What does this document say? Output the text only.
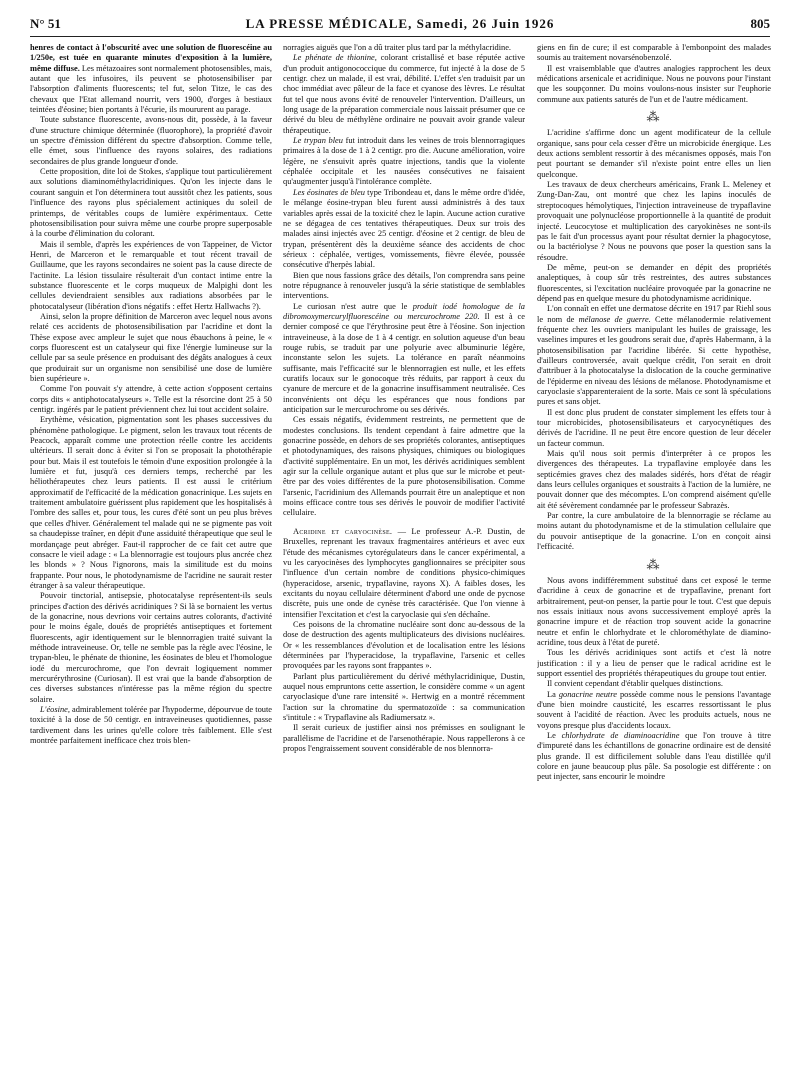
N° 51	LA PRESSE MÉDICALE, Samedi, 26 Juin 1926	805

henres de contact à l'obscurité avec une solution de fluorescéine au 1/250e, est tuée en quarante minutes d'exposition à la lumière, même diffuse. Les métazoaires sont normalement photosensibles, mais, autant que les infusoires, ils peuvent se photosensibiliser par l'absorption d'aliments fluorescents; tel fut, selon Titze, le cas des chevaux que l'Etat allemand nourrit, vers 1900, d'orges à bestiaux teintées d'éosine; bien portants à l'écurie, ils moururent au parage.

Toute substance fluorescente, avons-nous dit, possède, à la faveur d'une structure chimique déterminée (fluorophore), la propriété d'avoir un spectre d'émission différent du spectre d'absorption. Comme telle, elle émet, sous l'influence des rayons solaires, des radiations secondaires de plus grande longueur d'onde.

Cette proposition, dite loi de Stokes, s'applique tout particulièrement aux solutions diaminométhylacridiniques. Qu'on les injecte dans le courant sanguin et l'on déterminera tout aussitôt chez les patients, sous l'influence des rayons plus spécialement actiniques du soleil de printemps, de véritables coups de lumière expérimentaux. Cette photosensibilisation pour suivra même une courbe propre superposable à la courbe d'élimination du colorant.

Mais il semble, d'après les expériences de von Tappeiner, de Victor Henri, de Marceron et le remarquable et tout récent travail de Guillaume, que les rayons secondaires ne soient pas la cause directe de l'actinite. La lésion tissulaire résulterait d'un contact intime entre la substance fluorescente et le corps muqueux de Malpighi dont les cellules deviendraient sensibles aux radiations absorbées par le photocatalyseur (libération d'ions négatifs : effet Hertz Hallwachs ?).

Ainsi, selon la propre définition de Marceron avec lequel nous avons relaté ces accidents de photosensibilisation par l'acridine et dont la Thèse expose avec ampleur le sujet que nous ébauchons à peine, le « corps fluorescent est un catalyseur qui fixe l'énergie lumineuse sur la cellule par sa seule présence en produisant des dégâts analogues à ceux que produirait sur un organisme non sensibilisé une dose de lumière bien supérieure ».

Comme l'on pouvait s'y attendre, à cette action s'opposent certains corps dits « antiphotocatalyseurs ». Telle est la résorcine dont 25 à 50 centigr. ingérés par le patient préviennent chez lui tout accident solaire.

Erythème, vésication, pigmentation sont les phases successives du phénomène pathologique. Le pigment, selon les travaux tout récents de Peacock, apparaît comme une protection réelle contre les accidents ultérieurs. Il serait donc à éviter si l'on se proposait la photothérapie pour but. Mais il est toutefois le témoin d'une exposition prolongée à la lumière et fut, jusqu'à ces derniers temps, recherché par les héliothérapeutes chez leurs patients. Il est aussi le critérium approximatif de l'efficacité de la médication gonacrinique. Les sujets en traitement ambulatoire guérissent plus rapidement que les hospitalisés à l'ombre des salles et, pour tous, les cures d'été sont un peu plus brèves que celles d'hiver. Généralement tel malade qui ne se pigmente pas voit sa chaudepisse traîner, en dépit d'une assiduité thérapeutique que seul le mordançage peut abréger. Faut-il rapprocher de ce fait cet autre que consacre le vieil adage : « La blennorragie est toujours plus ancrée chez les blonds » ? Nous l'ignorons, mais la similitude est du moins frappante. Pour nous, le photodynamisme de l'acridine ne saurait rester étranger à sa valeur thérapeutique.

Pouvoir tinctorial, antisepsie, photocatalyse représentent-ils seuls principes d'action des dérivés acridiniques ? Si là se bornaient les vertus de la gonacrine, nous devrions voir certains autres colorants, d'activité pour le moins égale, doués de propriétés antiseptiques et fortement fluorescents, agir identiquement sur le blennorragien traité suivant la méthode intraveineuse. Or, telle ne semble pas la règle avec l'éosine, le trypan-bleu, le phénate de thionine, les éosinates de bleu et l'homologue iodé du mercurochrome, que l'on devrait logiquement nommer mercurérythrosine (Curiosan). Il est vrai que la bande d'absorption de ces diverses substances n'intéresse pas la même région du spectre solaire.

L'éosine, admirablement tolérée par l'hypoderme, dépourvue de toute toxicité à la dose de 50 centigr. en intraveineuses quotidiennes, passe tardivement dans les urines qu'elle colore très faiblement. Elle s'est montrée parfaitement inefficace chez trois blen-

norragies aiguës que l'on a dû traiter plus tard par la méthylacridine.

Le phénate de thionine, colorant cristallisé et base réputée active d'un produit antigonococcique du commerce, fut injecté à la dose de 5 centigr. chez un malade, il est vrai, débilité. L'effet s'en traduisit par un choc immédiat avec pâleur de la face et cyanose des lèvres. Le résultat fut tel que nous avons évité de renouveler l'intervention. D'ailleurs, un long usage de la préparation commerciale nous laissait présumer que ce dérivé du bleu de méthylène ordinaire ne pouvait avoir grande valeur thérapeutique.

Le trypan bleu fut introduit dans les veines de trois blennorragiques primaires à la dose de 1 à 2 centigr. pro die. Aucune amélioration, voire légère, ne s'ensuivit après quatre injections, tandis que la violente céphalée occipitale et les nausées consécutives ne faisaient qu'augmenter jusqu'à l'intolérance complète.

Les éosinates de bleu type Tribondeau et, dans le même ordre d'idée, le mélange éosine-trypan bleu furent aussi administrés à des taux variables après essai de la toxicité chez le lapin. Aucune action curative ne se dégagea de ces tentatives thérapeutiques. Deux sur trois des malades ainsi injectés avec 25 centigr. d'éosine et 2 centigr. de bleu de trypan, présentèrent dès la deuxième séance des accidents de choc sérieux : céphalée, vertiges, vomissements, fièvre élevée, poussée consécutive d'herpès labial.

Bien que nous fassions grâce des détails, l'on comprendra sans peine notre répugnance à renouveler jusqu'à la série statistique de semblables interventions.

Le curiosan n'est autre que le produit iodé homologue de la dibromoxymercurylfluorescéine ou mercurochrome 220. Il est à ce dernier composé ce que l'érythrosine peut être à l'éosine. Son injection intraveineuse, à la dose de 1 à 4 centigr. en solution aqueuse d'un beau rouge rubis, se traduit par une polyurie avec albuminurie légère, inconstante selon les sujets. La tolérance en paraît néanmoins suffisante, mais l'efficacité sur le blennorragien est nulle, et les effets curatifs locaux sur le gonocoque très réduits, par rapport à ceux du cyanure de mercure et de la gonacrine insuffisamment neutralisée. Ces inconvénients ont déçu les espérances que nous fondions par anticipation sur le mercurochrome ou ses dérivés.

Ces essais négatifs, évidemment restreints, ne permettent que de modestes conclusions. Ils tendent cependant à faire admettre que la gonacrine possède, en dehors de ses propriétés colorantes, antiseptiques et photodynamiques, des raisons physiques, chimiques ou biologiques d'activité supplémentaire. En un mot, les dérivés acridiniques semblent agir sur la cellule organique autant et plus que sur le microbe et peut-être par des voies différentes de la pure photosensibilisation. Comme l'arsenic, l'acridinium des Allemands pourrait être un analeptique et non moins efficace contre tous ses dérivés le pouvoir de modifier l'activité cellulaire.

Acridine et caryocinèse. — Le professeur A.-P. Dustin, de Bruxelles, reprenant les travaux fragmentaires antérieurs et avec eux l'étude des mécanismes cytorégulateurs dans le cancer expérimental, a vu les caryocinèses des lymphocytes ganglionnaires se précipiter sous l'influence d'un certain nombre de conditions physico-chimiques (hyperacidose, arsenic, trypaflavine, rayons X). A faibles doses, les excitants du noyau cellulaire déterminent d'abord une onde de pycnose discrète, puis une onde de cynèse très caractérisée. Que l'on vienne à intensifier l'excitation et c'est la caryoclasie qui s'en déchaîne.

Ces poisons de la chromatine nucléaire sont donc au-dessous de la dose de destruction des agents multiplicateurs des divisions nucléaires. Or « les ressemblances d'évolution et de localisation entre les lésions déterminées par l'hyperacidose, la trypaflavine, l'arsenic et celles provoquées par les rayons sont frappantes ».

Parlant plus particulièrement du dérivé méthylacridinique, Dustin, auquel nous empruntons cette assertion, le considère comme « un agent caryoclasique d'une rare intensité ». Hertwig en a montré récemment l'action sur la chromatine du spermatozoïde : sa communication s'intitule : « Trypaflavine als Radiumersatz ».

Il serait curieux de justifier ainsi nos prémisses en soulignant le parallélisme de l'acridine et de l'arsenothérapie. Nous rappellerons à ce propos l'engraissement souvent considérable de nos blennorra-

giens en fin de cure; il est comparable à l'embonpoint des malades soumis au traitement novarsénobenzolé.

Il est vraisemblable que d'autres analogies rapprochent les deux médications arsenicale et acridinique. Nous ne pouvons pour l'instant que les soupçonner. Du moins voulons-nous insister sur l'euphorie commune aux patients saturés de l'un et de l'autre médicament.

⁂

L'acridine s'affirme donc un agent modificateur de la cellule organique, sans pour cela cesser d'être un microbicide énergique. Les deux actions semblent ressortir à des mécanismes opposés, mais l'on peut pourtant se demander s'il n'existe point entre elles un lien quelconque.

Les travaux de deux chercheurs américains, Frank L. Meleney et Zung-Dan-Zau, ont montré que chez les lapins inoculés de streptocoques hémolytiques, l'injection intraveineuse de trypaflavine provoquait une polynucléose proportionnelle à la quantité de produit injecté. Leucocytose et multiplication des caryokinèses ne sont-ils pas le fait d'un processus ayant pour résultat dernier la phagocytose, ou la bactériolyse ? Nous ne pouvons que poser la question sans la résoudre.

De même, peut-on se demander en dépit des propriétés analeptiques, à coup sûr très restreintes, des autres substances fluorescentes, si l'excitation nucléaire provoquée par la gonacrine ne dépend pas en quelque mesure du photodynamisme acridinique.

L'on connaît en effet une dermatose décrite en 1917 par Riehl sous le nom de mélanose de guerre. Cette mélanodermie relativement fréquente chez les ouvriers manipulant les huiles de graissage, les vaselines impures et les goudrons serait due, d'après Habermann, à la photosensibilisation par l'acridine libérée. Si cette hypothèse, d'ailleurs controversée, avait quelque crédit, l'on serait en droit d'attribuer à la photocatalyse la dislocation de la couche germinative de l'épiderme en niveau des lésions de mélanose. Photodynamisme et caryoclasie s'apparenteraient de la sorte. Mais ce sont là spéculations pures et sans objet.

Il est donc plus prudent de constater simplement les effets tour à tour microbicides, photosensibilisateurs et caryocynétiques des dérivés de l'acridine. Il ne peut être encore question de leur déceler un facteur commun.

Mais qu'il nous soit permis d'interpréter à ce propos les divergences des thérapeutes. La trypaflavine employée dans les septicémies graves chez des malades sidérés, hors d'état de réagir dans leurs cellules organiques et soustraits à l'action de la lumière, ne pouvait donner que des mécomptes. L'on comprend aisément qu'elle ait été sévèrement condamnée par le professeur Sabrazès.

Par contre, la cure ambulatoire de la blennorragie se réclame au moins autant du photodynamisme et de la stimulation cellulaire que du pouvoir antiseptique de la gonacrine. L'on en conçoit ainsi l'efficacité.

⁂

Nous avons indifféremment substitué dans cet exposé le terme d'acridine à ceux de gonacrine et de trypaflavine, prenant fort arbitrairement, peut-on penser, la partie pour le tout. C'est que depuis nos essais initiaux nous avons successivement employé après la gonacrine impure et de réaction trop souvent acide la gonacrine neutre et enfin le chlorhydrate et le chlorométhylate de diamino-acridine, tous deux à l'état de pureté.

Tous les dérivés acridiniques sont actifs et c'est là notre justification : il y a lieu de penser que le radical acridine est le support essentiel des propriétés thérapeutiques du groupe tout entier.

Il convient cependant d'établir quelques distinctions.

La gonacrine neutre possède comme nous le pensions l'avantage d'une bien moindre causticité, les escarres ressortissant le plus souvent à l'acidité de réaction. Avec les produits actuels, nous ne voyons presque plus d'accidents locaux.

Le chlorhydrate de diaminoacridine que l'on trouve à titre d'impureté dans les échantillons de gonacrine ordinaire est de densité plus grande. Il est difficilement soluble dans l'eau distillée qu'il colore en jaune beaucoup plus pâle. Sa posologie est différente : on peut injecter, sans encourir le moindre
